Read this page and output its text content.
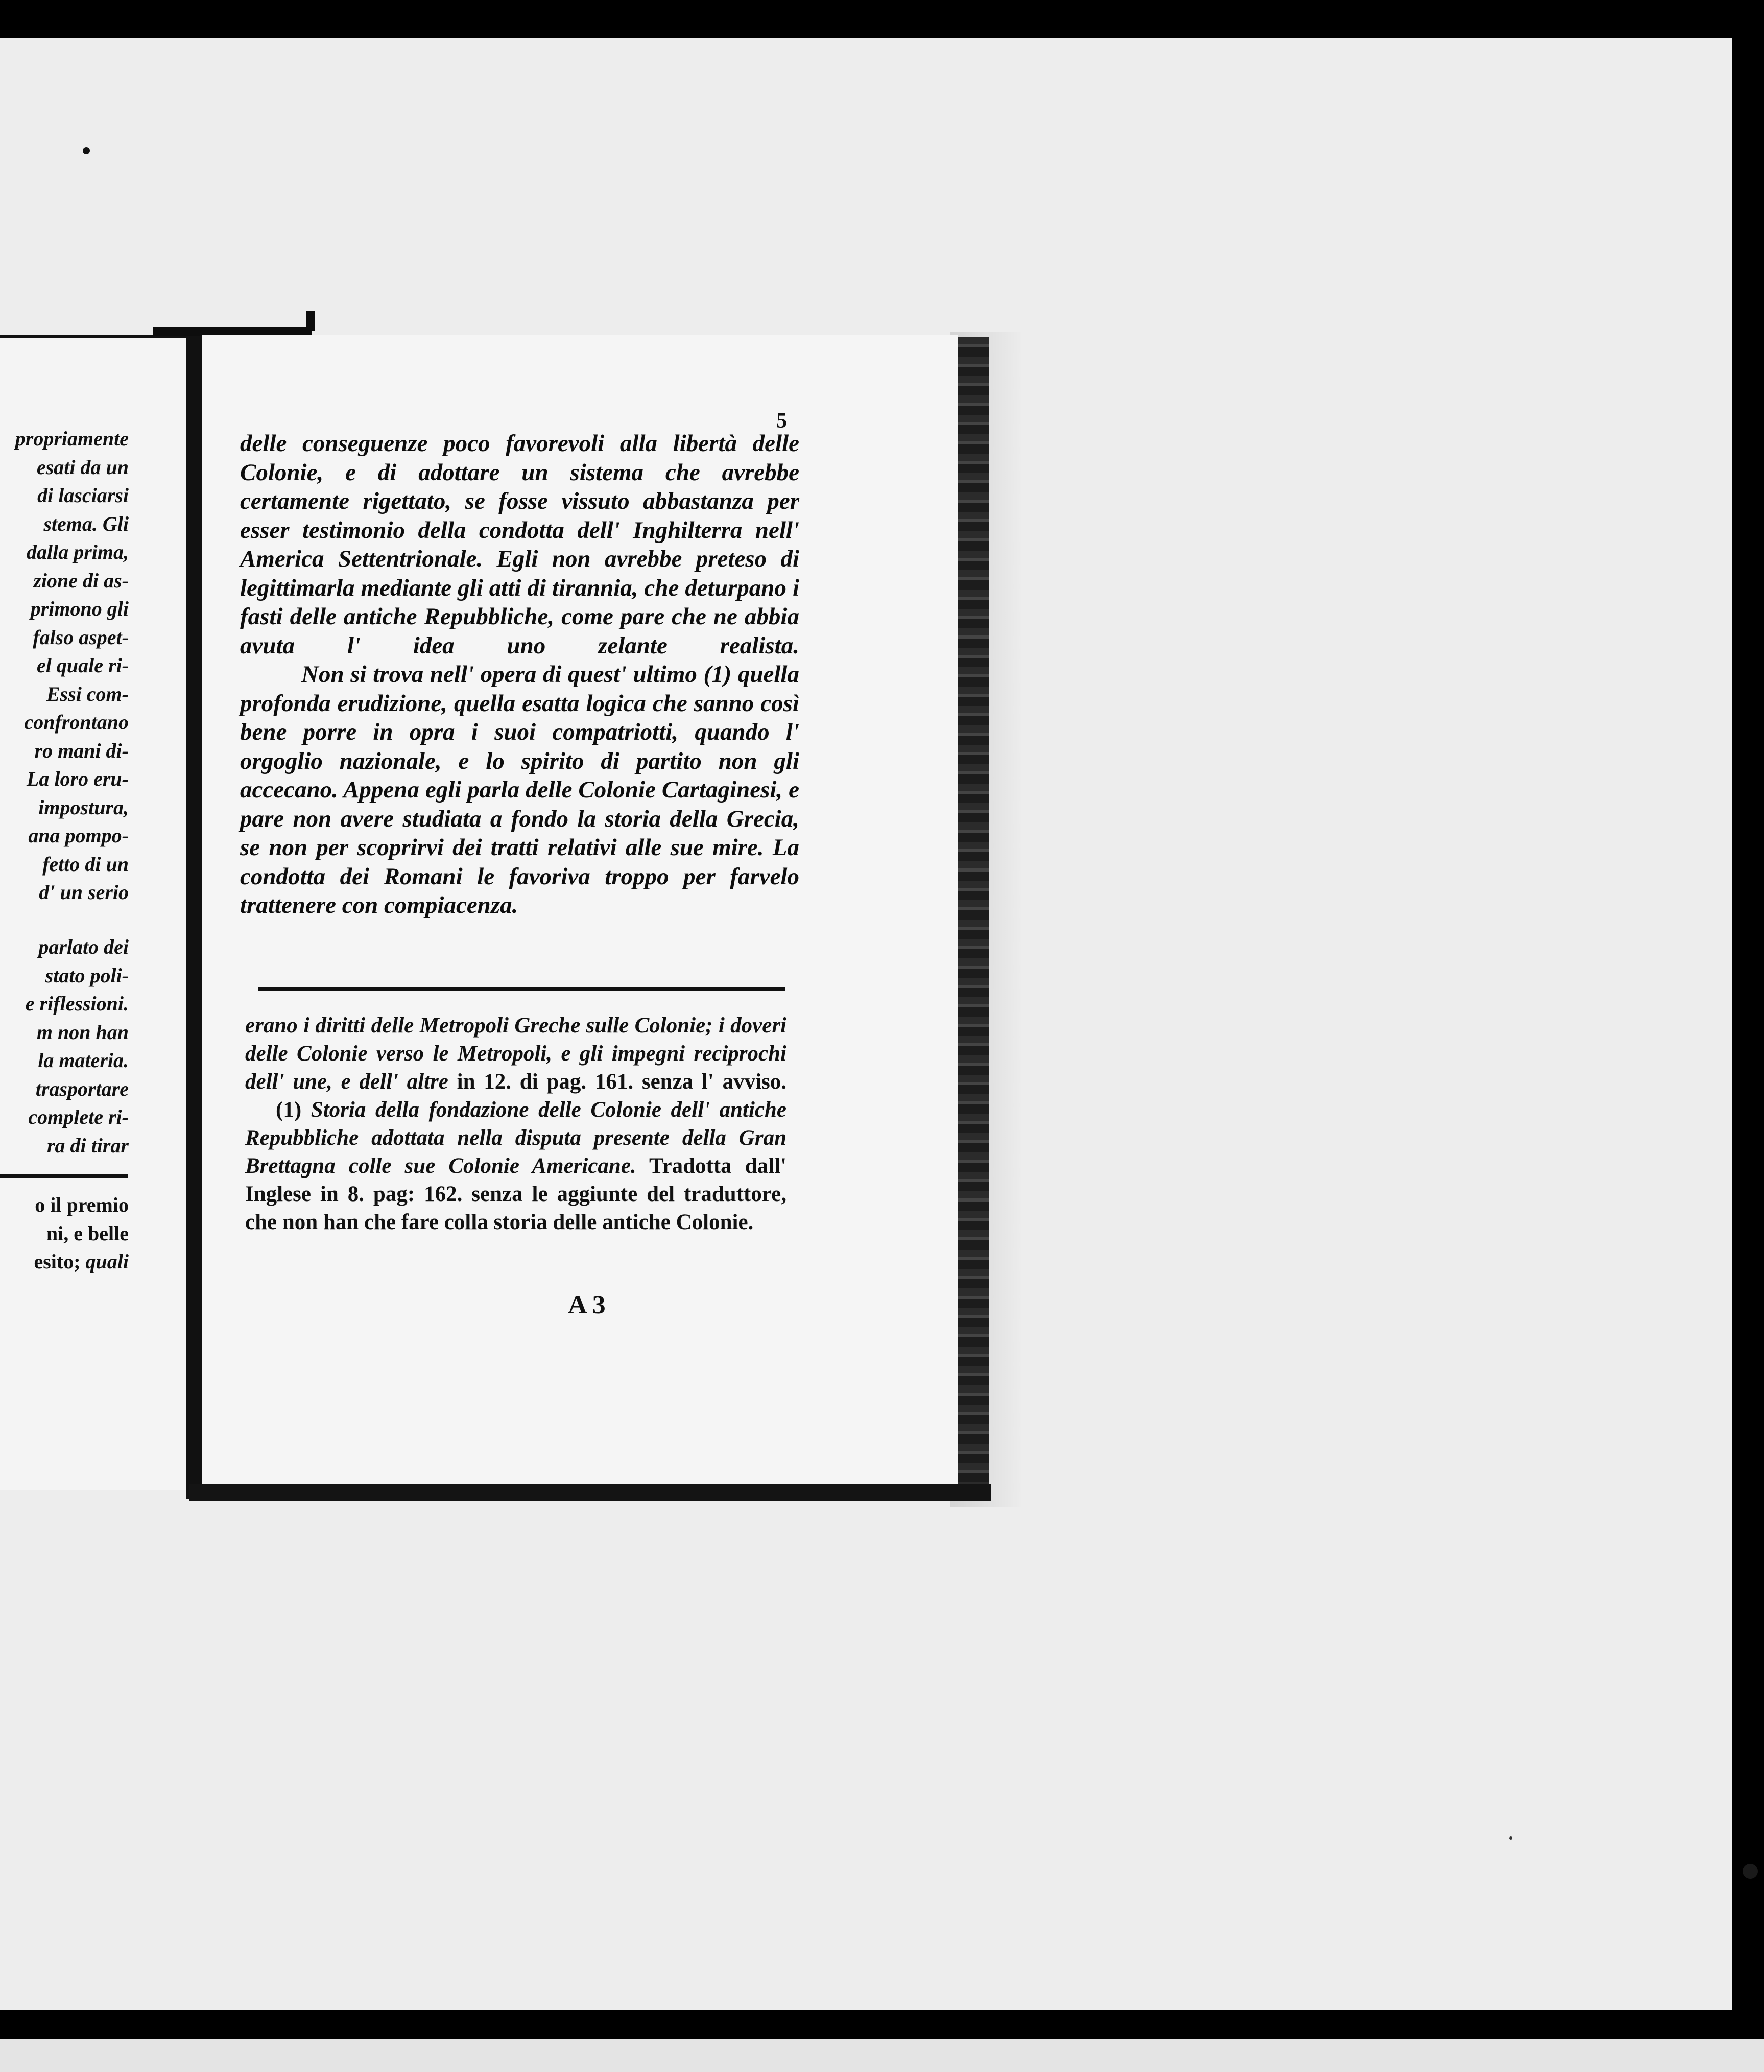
propriamente
esati da un
di lasciarsi
stema. Gli
dalla prima,
zione di as-
primono gli
falso aspet-
el quale ri-
Essi com-
confrontano
ro mani di-
La loro eru-
impostura,
ana pompo-
fetto di un
d' un serio
parlato dei
stato poli-
e riflessioni.
m non han
la materia.
trasportare
complete ri-
ra di tirar
o il premio
ni, e belle
esito; quali
5

delle conseguenze poco favorevoli alla libertà delle Colonie, e di adottare un sistema che avrebbe certamente rigettato, se fosse vissuto abbastanza per esser testimonio della condotta dell' Inghilterra nell' America Settentrionale. Egli non avrebbe preteso di legittimarla mediante gli atti di tirannia, che deturpano i fasti delle antiche Repubbliche, come pare che ne abbia avuta l' idea uno zelante realista.

Non si trova nell' opera di quest' ultimo (1) quella profonda erudizione, quella esatta logica che sanno così bene porre in opra i suoi compatriotti, quando l' orgoglio nazionale, e lo spirito di partito non gli accecano. Appena egli parla delle Colonie Cartaginesi, e pare non avere studiata a fondo la storia della Grecia, se non per scoprirvi dei tratti relativi alle sue mire. La condotta dei Romani le favoriva troppo per farvelo trattenere con compiacenza.

erano i diritti delle Metropoli Greche sulle Colonie; i doveri delle Colonie verso le Metropoli, e gli impegni reciprochi dell' une, e dell' altre in 12. di pag. 161. senza l' avviso.

(1) Storia della fondazione delle Colonie dell' antiche Repubbliche adottata nella disputa presente della Gran Brettagna colle sue Colonie Americane. Tradotta dall' Inglese in 8. pag: 162. senza le aggiunte del traduttore, che non han che fare colla storia delle antiche Colonie.

A 3
